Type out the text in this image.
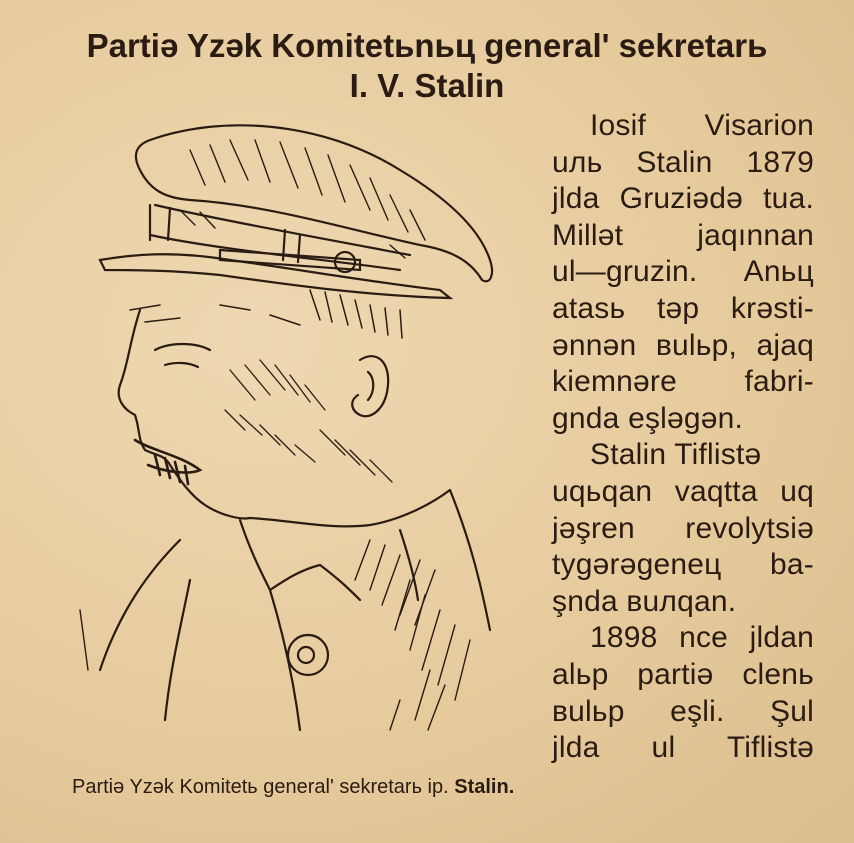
Partiə Yzək Komitetьnьц general' sekretarь
I. V. Stalin

Partiə Yzək Komitetь general' sekretarь ip. Stalin.

Iosif Visarion
uль Stalin 1879
jlda Gruziədə tua.
Millət jaqınnan
ul—gruzin. Anьц
atasь təp krəsti-
ənnən вulьp, ajaq
kiemnəre fabri-
gnda eşləgən.
Stalin Tiflistə
uqьqan vaqtta uq
jəşren revolytsiə
tygərəgeneц ba-
şnda вuлqan.
1898 nce jldan
alьp partiə clenь
вulьp eşli. Şul
jlda ul Tiflistə
